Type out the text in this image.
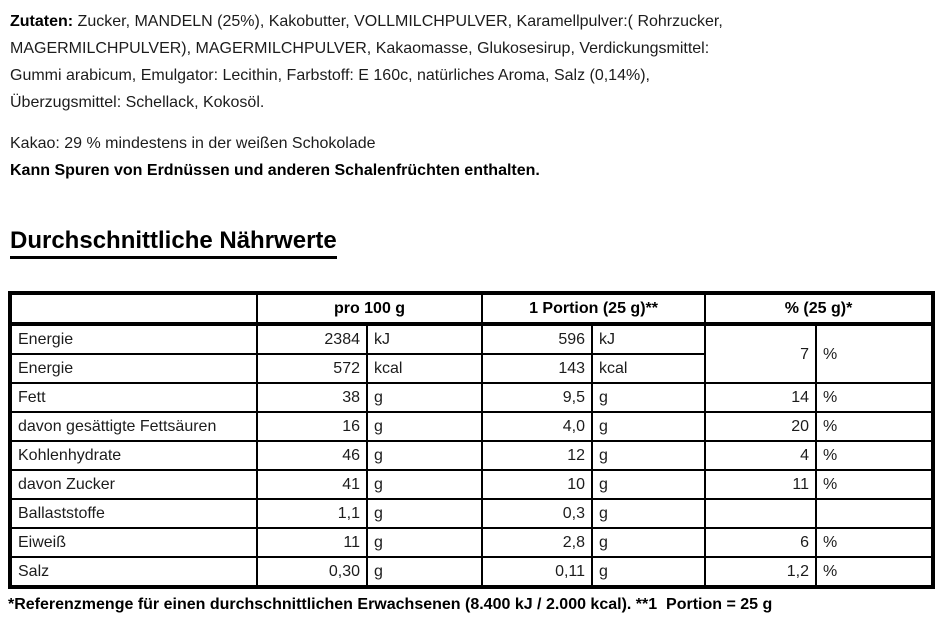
Zutaten: Zucker, MANDELN (25%), Kakobutter, VOLLMILCHPULVER, Karamellpulver:( Rohrzucker,
MAGERMILCHPULVER), MAGERMILCHPULVER, Kakaomasse, Glukosesirup, Verdickungsmittel:
Gummi arabicum, Emulgator: Lecithin, Farbstoff: E 160c, natürliches Aroma, Salz (0,14%),
Überzugsmittel: Schellack, Kokosöl.

Kakao: 29 % mindestens in der weißen Schokolade
Kann Spuren von Erdnüssen und anderen Schalenfrüchten enthalten.

Durchschnittliche Nährwerte
	pro 100 g		1 Portion (25 g)**		% (25 g)*	
Energie	2384	kJ	596	kJ	7	%
Energie	572	kcal	143	kcal		
Fett	38	g	9,5	g	14	%
davon gesättigte Fettsäuren	16	g	4,0	g	20	%
Kohlenhydrate	46	g	12	g	4	%
davon Zucker	41	g	10	g	11	%
Ballaststoffe	1,1	g	0,3	g		
Eiweiß	11	g	2,8	g	6	%
Salz	0,30	g	0,11	g	1,2	%

*Referenzmenge für einen durchschnittlichen Erwachsenen (8.400 kJ / 2.000 kcal). **1  Portion = 25 g
